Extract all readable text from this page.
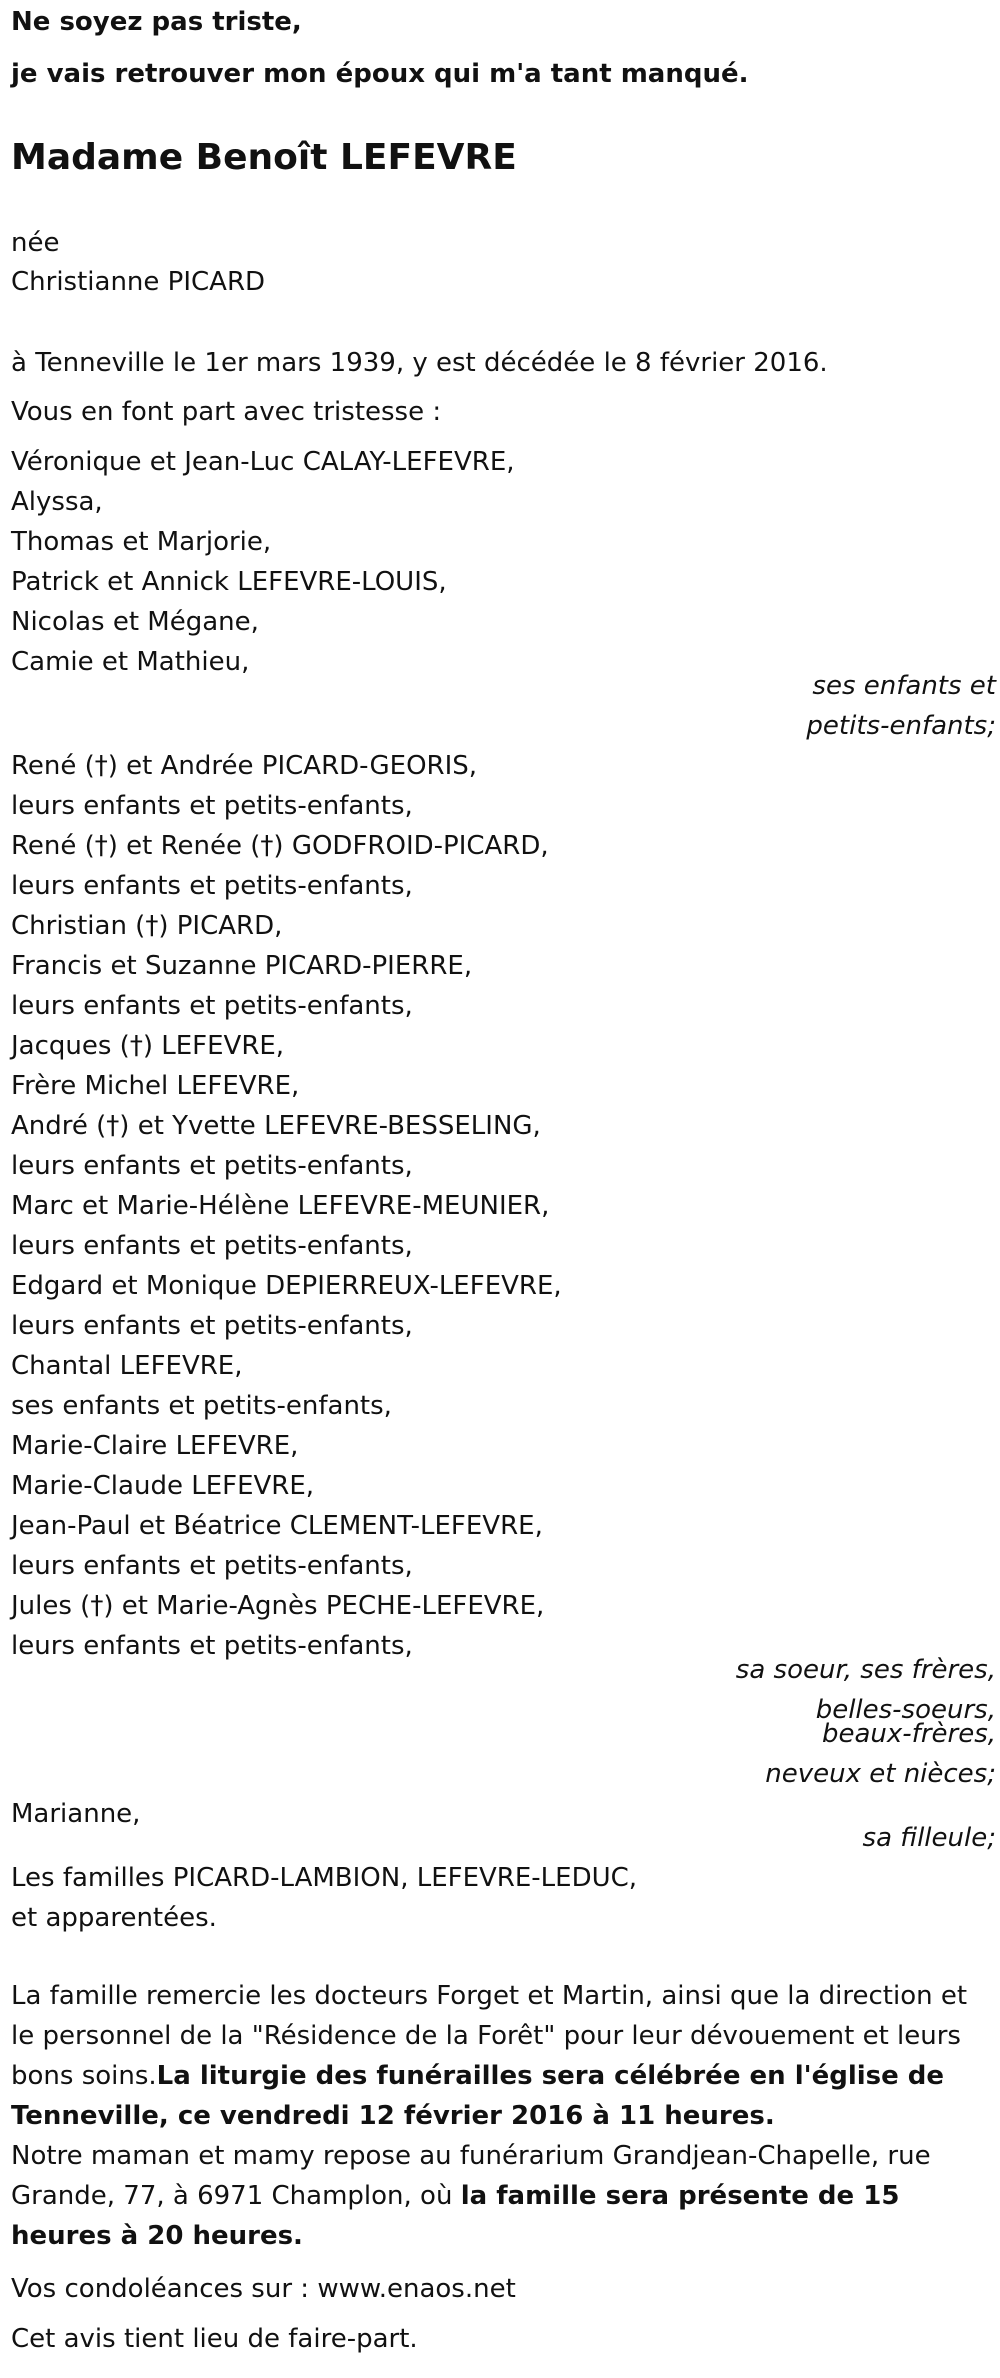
Ne soyez pas triste,
je vais retrouver mon époux qui m'a tant manqué.
Madame Benoît LEFEVRE
née
Christianne PICARD
à Tenneville le 1er mars 1939, y est décédée le 8 février 2016.
Vous en font part avec tristesse :
Véronique et Jean-Luc CALAY-LEFEVRE,
Alyssa,
Thomas et Marjorie,
Patrick et Annick LEFEVRE-LOUIS,
Nicolas et Mégane,
Camie et Mathieu,
ses enfants et
petits-enfants;
René (†) et Andrée PICARD-GEORIS,
leurs enfants et petits-enfants,
René (†) et Renée (†) GODFROID-PICARD,
leurs enfants et petits-enfants,
Christian (†) PICARD,
Francis et Suzanne PICARD-PIERRE,
leurs enfants et petits-enfants,
Jacques (†) LEFEVRE,
Frère Michel LEFEVRE,
André (†) et Yvette LEFEVRE-BESSELING,
leurs enfants et petits-enfants,
Marc et Marie-Hélène LEFEVRE-MEUNIER,
leurs enfants et petits-enfants,
Edgard et Monique DEPIERREUX-LEFEVRE,
leurs enfants et petits-enfants,
Chantal LEFEVRE,
ses enfants et petits-enfants,
Marie-Claire LEFEVRE,
Marie-Claude LEFEVRE,
Jean-Paul et Béatrice CLEMENT-LEFEVRE,
leurs enfants et petits-enfants,
Jules (†) et Marie-Agnès PECHE-LEFEVRE,
leurs enfants et petits-enfants,
sa soeur, ses frères,
belles-soeurs,
beaux-frères,
neveux et nièces;
Marianne,
sa filleule;
Les familles PICARD-LAMBION, LEFEVRE-LEDUC,
et apparentées.
La famille remercie les docteurs Forget et Martin, ainsi que la direction et le personnel de la "Résidence de la Forêt" pour leur dévouement et leurs bons soins.La liturgie des funérailles sera célébrée en l'église de Tenneville, ce vendredi 12 février 2016 à 11 heures.
Notre maman et mamy repose au funérarium Grandjean-Chapelle, rue Grande, 77, à 6971 Champlon, où la famille sera présente de 15 heures à 20 heures.
Vos condoléances sur : www.enaos.net
Cet avis tient lieu de faire-part.
